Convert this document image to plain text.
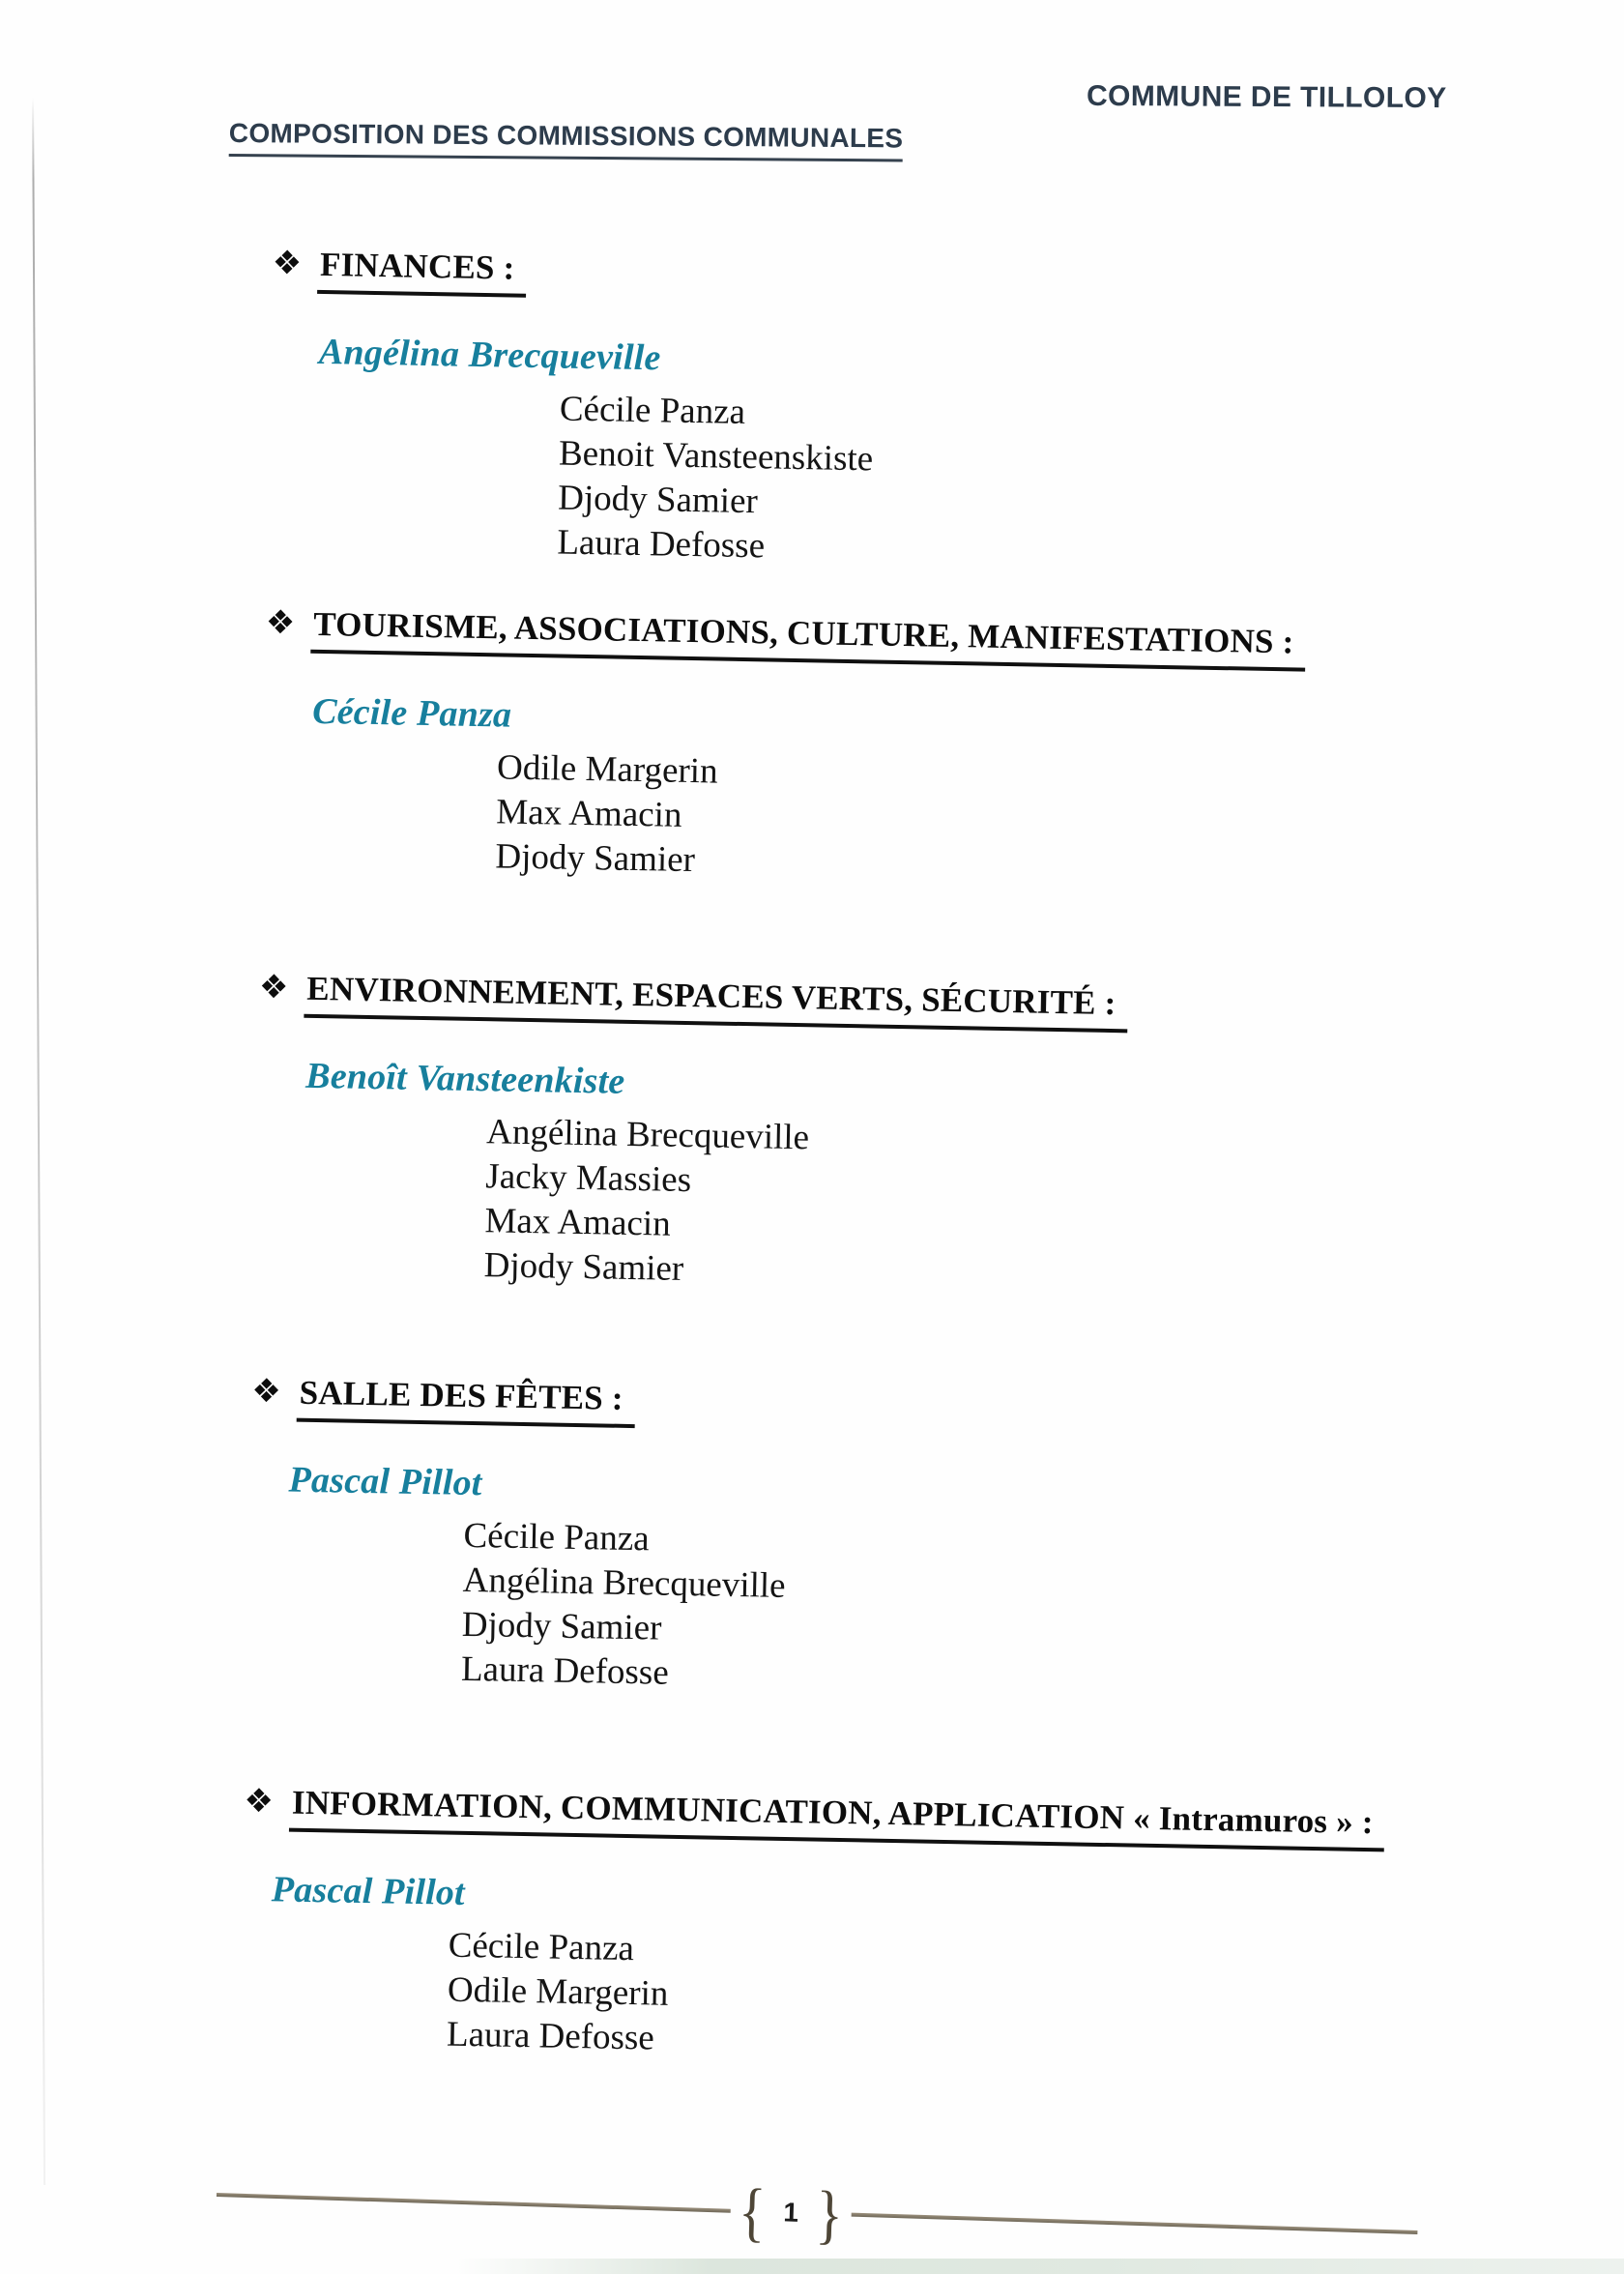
COMMUNE DE TILLOLOY
COMPOSITION DES COMMISSIONS COMMUNALES
❖ FINANCES :
Angélina Brecqueville
Cécile Panza
Benoit Vansteenskiste
Djody Samier
Laura Defosse
❖ TOURISME, ASSOCIATIONS, CULTURE, MANIFESTATIONS :
Cécile Panza
Odile Margerin
Max Amacin
Djody Samier
❖ ENVIRONNEMENT, ESPACES VERTS, SÉCURITÉ :
Benoît Vansteenkiste
Angélina Brecqueville
Jacky Massies
Max Amacin
Djody Samier
❖ SALLE DES FÊTES :
Pascal Pillot
Cécile Panza
Angélina Brecqueville
Djody Samier
Laura Defosse
❖ INFORMATION, COMMUNICATION, APPLICATION « Intramuros » :
Pascal Pillot
Cécile Panza
Odile Margerin
Laura Defosse
{ 1 }
